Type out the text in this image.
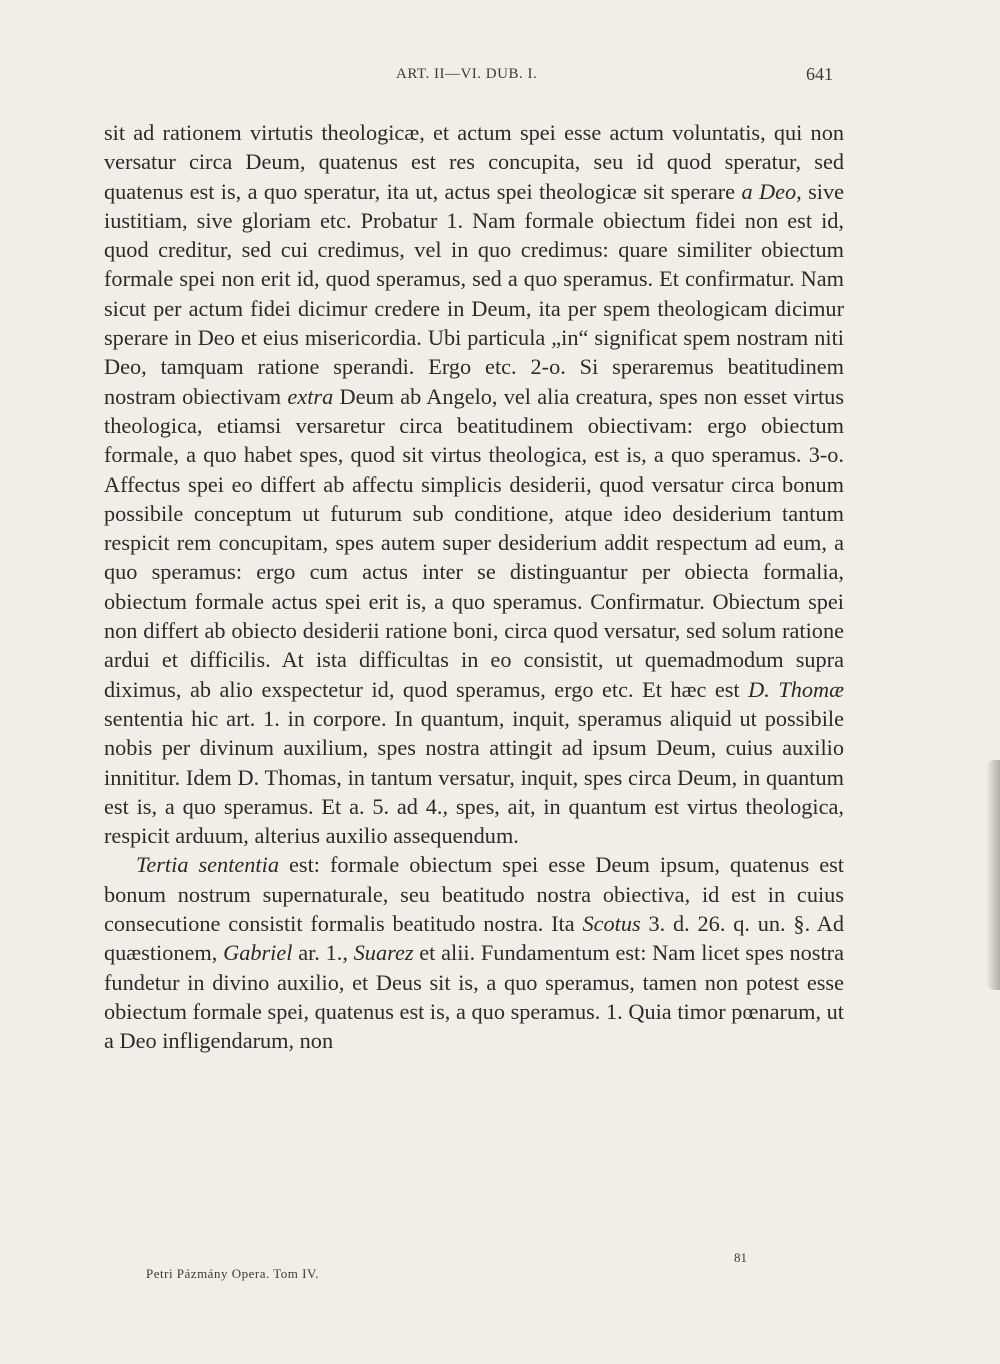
ART. II—VI. DUB. I.	641

sit ad rationem virtutis theologicæ, et actum spei esse actum voluntatis, qui non versatur circa Deum, quatenus est res concupita, seu id quod speratur, sed quatenus est is, a quo speratur, ita ut, actus spei theologicæ sit sperare a Deo, sive iustitiam, sive gloriam etc. Probatur 1. Nam formale obiectum fidei non est id, quod creditur, sed cui credimus, vel in quo credimus: quare similiter obiectum formale spei non erit id, quod speramus, sed a quo speramus. Et confirmatur. Nam sicut per actum fidei dicimur credere in Deum, ita per spem theologicam dicimur sperare in Deo et eius misericordia. Ubi particula „in“ significat spem nostram niti Deo, tamquam ratione sperandi. Ergo etc. 2-o. Si speraremus beatitudinem nostram obiectivam extra Deum ab Angelo, vel alia creatura, spes non esset virtus theologica, etiamsi versaretur circa beatitudinem obiectivam: ergo obiectum formale, a quo habet spes, quod sit virtus theologica, est is, a quo speramus. 3-o. Affectus spei eo differt ab affectu simplicis desiderii, quod versatur circa bonum possibile conceptum ut futurum sub conditione, atque ideo desiderium tantum respicit rem concupitam, spes autem super desiderium addit respectum ad eum, a quo speramus: ergo cum actus inter se distinguantur per obiecta formalia, obiectum formale actus spei erit is, a quo speramus. Confirmatur. Obiectum spei non differt ab obiecto desiderii ratione boni, circa quod versatur, sed solum ratione ardui et difficilis. At ista difficultas in eo consistit, ut quemadmodum supra diximus, ab alio exspectetur id, quod speramus, ergo etc. Et hæc est D. Thomæ sententia hic art. 1. in corpore. In quantum, inquit, speramus aliquid ut possibile nobis per divinum auxilium, spes nostra attingit ad ipsum Deum, cuius auxilio innititur. Idem D. Thomas, in tantum versatur, inquit, spes circa Deum, in quantum est is, a quo speramus. Et a. 5. ad 4., spes, ait, in quantum est virtus theologica, respicit arduum, alterius auxilio assequendum.

Tertia sententia est: formale obiectum spei esse Deum ipsum, quatenus est bonum nostrum supernaturale, seu beatitudo nostra obiectiva, id est in cuius consecutione consistit formalis beatitudo nostra. Ita Scotus 3. d. 26. q. un. §. Ad quæstionem, Gabriel ar. 1., Suarez et alii. Fundamentum est: Nam licet spes nostra fundetur in divino auxilio, et Deus sit is, a quo speramus, tamen non potest esse obiectum formale spei, quatenus est is, a quo speramus. 1. Quia timor pœnarum, ut a Deo infligendarum, non

81
Petri Pázmány Opera. Tom IV.
